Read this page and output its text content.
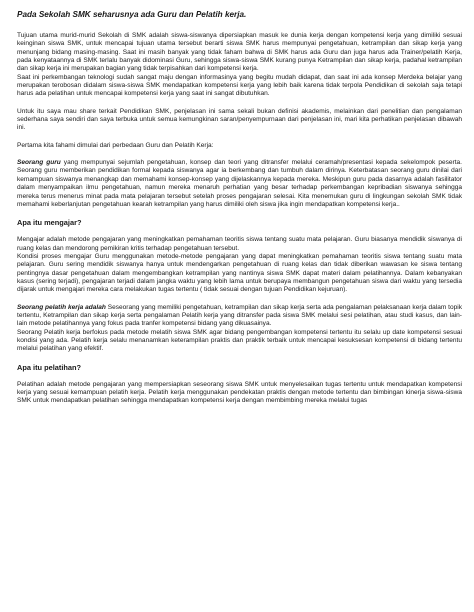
Pada Sekolah SMK seharusnya ada Guru dan Pelatih kerja.

Tujuan utama murid-murid Sekolah di SMK adalah siswa-siswanya dipersiapkan masuk ke dunia kerja dengan kompetensi kerja yang dimiliki sesuai keinginan siswa SMK, untuk mencapai tujuan utama tersebut berarti siswa SMK harus mempunyai pengetahuan, ketrampilan dan sikap kerja yang menunjang bidang masing-masing. Saat ini masih banyak yang tidak faham bahwa di SMK harus ada Guru dan juga harus ada Trainer/pelatih Kerja, pada kenyataannya di SMK terlalu banyak didominasi Guru, sehingga siswa-siswa SMK kurang punya Ketrampilan dan sikap kerja, padahal ketrampilan dan sikap kerja ini merupakan bagian yang tidak terpisahkan dari kompetensi kerja.

Saat ini perkembangan teknologi sudah sangat maju dengan informasinya yang begitu mudah didapat, dan saat ini ada konsep Merdeka belajar yang merupakan terobosan didalam siswa-siswa SMK mendapatkan kompetensi kerja yang lebih baik karena tidak terpola Pendidikan di sekolah saja tetapi harus ada pelatihan untuk mencapai kompetensi kerja yang saat ini sangat dibutuhkan.

Untuk itu saya mau share terkait Pendidikan SMK, penjelasan ini sama sekali bukan definisi akademis, melainkan dari penelitian dan pengalaman sederhana saya sendiri dan saya terbuka untuk semua kemungkinan saran/penyempurnaan dari penjelasan ini, mari kita perhatikan penjelasan dibawah ini.

Pertama kita fahami dimulai dari perbedaan Guru dan Pelatih Kerja:

Seorang guru yang mempunyai sejumlah pengetahuan, konsep dan teori yang ditransfer melalui ceramah/presentasi kepada sekelompok peserta. Seorang guru memberikan pendidikan formal kepada siswanya agar ia berkembang dan tumbuh dalam dirinya. Keterbatasan seorang guru dinilai dari kemampuan siswanya menangkap dan memahami konsep-konsep yang dijelaskannya kepada mereka. Meskipun guru pada dasarnya adalah fasilitator dalam menyampaikan ilmu pengetahuan, namun mereka menaruh perhatian yang besar terhadap perkembangan kepribadian siswanya sehingga mereka terus menerus minat pada mata pelajaran tersebut setelah proses pengajaran selesai. Kita menemukan guru di lingkungan sekolah SMK tidak memahami keberlanjutan pengetahuan kearah ketrampilan yang harus dimiliki oleh siswa jika ingin mendapatkan kompetensi kerja..

Apa itu mengajar?

Mengajar adalah metode pengajaran yang meningkatkan pemahaman teoritis siswa tentang suatu mata pelajaran. Guru biasanya mendidik siswanya di ruang kelas dan mendorong pemikiran kritis terhadap pengetahuan tersebut.

Kondisi proses mengajar Guru menggunakan metode-metode pengajaran yang dapat meningkatkan pemahaman teoritis siswa tentang suatu mata pelajaran. Guru sering mendidik siswanya hanya untuk mendengarkan pengetahuan di ruang kelas dan tidak diberikan wawasan ke siswa tentang pentingnya dasar pengetahuan dalam mengembangkan ketrampilan yang nantinya siswa SMK dapat materi dalam pelatihannya. Dalam kebanyakan kasus (sering terjadi), pengajaran terjadi dalam jangka waktu yang lebih lama untuk berupaya membangun pengetahuan siswa dari waktu yang tersedia dijarak untuk mengajari mereka cara melakukan tugas tertentu ( tidak sesuai dengan tujuan Pendidikan kejuruan).

Seorang pelatih kerja adalah Seseorang yang memiliki pengetahuan, ketrampilan dan sikap kerja serta ada pengalaman pelaksanaan kerja dalam topik tertentu, Ketrampilan dan sikap kerja serta pengalaman Pelatih kerja yang ditransfer pada siswa SMK melalui sesi pelatihan, atau studi kasus, dan lain-lain metode pelatihannya yang fokus pada tranfer kompetensi bidang yang dikuasainya.

Seorang Pelatih kerja berfokus pada metode melatih siswa SMK agar bidang pengembangan kompetensi tertentu itu selalu up date kompetensi sesuai kondisi yang ada. Pelatih kerja selalu menanamkan keterampilan praktis dan praktik terbaik untuk mencapai kesuksesan kompetensi di bidang tertentu melalui pelatihan yang efektif.

Apa itu pelatihan?

Pelatihan adalah metode pengajaran yang mempersiapkan seseorang siswa SMK untuk menyelesaikan tugas tertentu untuk mendapatkan kompetensi kerja yang sesuai kemampuan pelatih kerja. Pelatih kerja menggunakan pendekatan praktis dengan metode tertentu dan bimbingan kinerja siswa-siswa SMK untuk mendapatkan pelatihan sehingga mendapatkan kompetensi kerja dengan membimbing mereka melalui tugas
